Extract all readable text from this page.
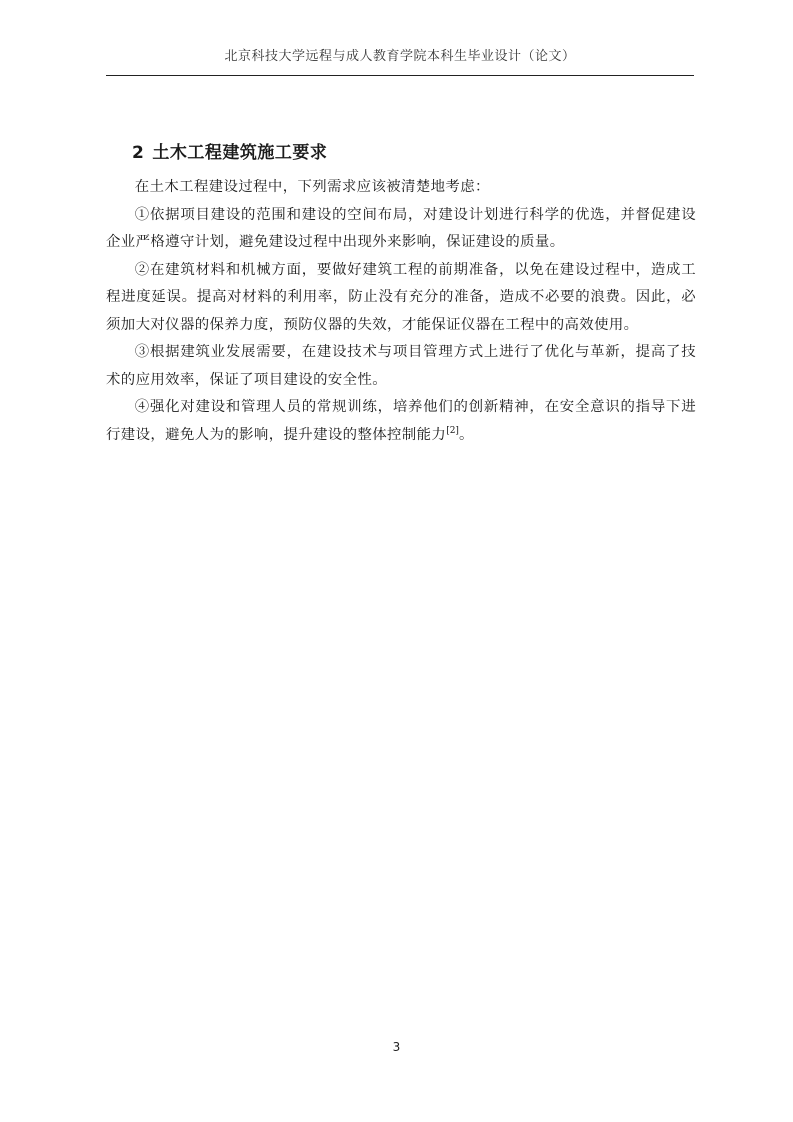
北京科技大学远程与成人教育学院本科生毕业设计（论文）
2 土木工程建筑施工要求

在土木工程建设过程中，下列需求应该被清楚地考虑：

①依据项目建设的范围和建设的空间布局，对建设计划进行科学的优选，并督促建设企业严格遵守计划，避免建设过程中出现外来影响，保证建设的质量。

②在建筑材料和机械方面，要做好建筑工程的前期准备，以免在建设过程中，造成工程进度延误。提高对材料的利用率，防止没有充分的准备，造成不必要的浪费。因此，必须加大对仪器的保养力度，预防仪器的失效，才能保证仪器在工程中的高效使用。

③根据建筑业发展需要，在建设技术与项目管理方式上进行了优化与革新，提高了技术的应用效率，保证了项目建设的安全性。

④强化对建设和管理人员的常规训练，培养他们的创新精神，在安全意识的指导下进行建设，避免人为的影响，提升建设的整体控制能力[2]。

3
